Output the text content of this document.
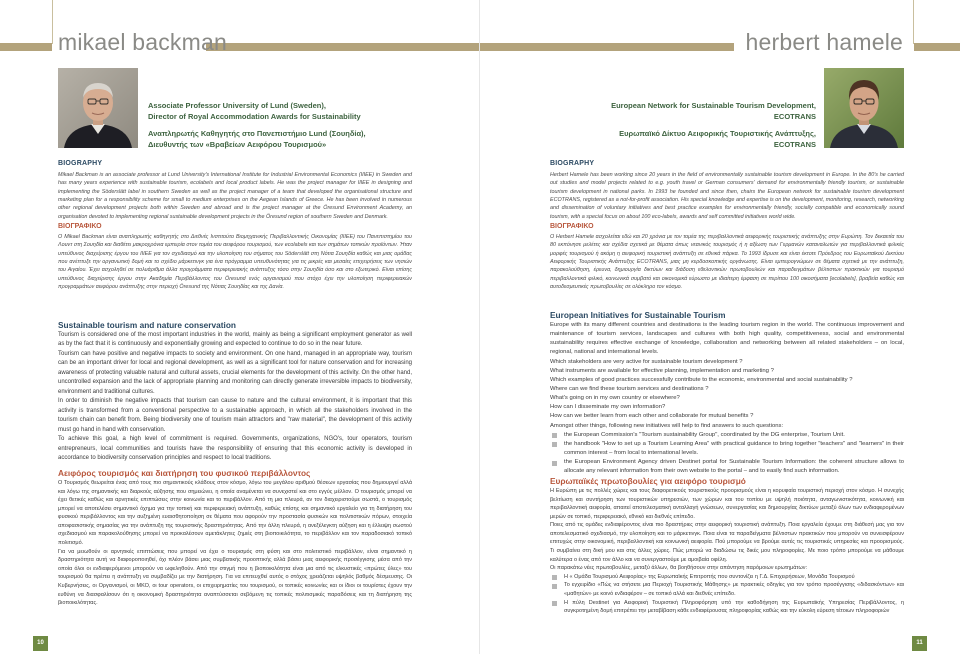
mikael backman
Associate Professor University of Lund (Sweden),
Director of Royal Accommodation Awards for Sustainability
Αναπληρωτής Καθηγητής στο Πανεπιστήμιο Lund (Σουηδία),
Διευθυντής των «Βραβείων Αειφόρου Τουρισμού»
BIOGRAPHY
Mikael Backman is an associate professor at Lund University's International Institute for Industrial Environmental Economics (IIIEE) in Sweden and has many years experience with sustainable tourism, ecolabels and local product labels. He was the project manager for IIIEE in designing and implementing the Söderslätt label in southern Sweden as well as the project manager of a team that developed the organisational structure and marketing plan for a responsibility scheme for small to medium enterprises on the Aegean Islands of Greece. He has been involved in numerous other regional development projects both within Sweden and abroad and is the project manager at the Öresund Environment Academy, an organisation devoted to implementing regional sustainable development projects in the Öresund region of southern Sweden and Denmark.
ΒΙΟΓΡΑΦΙΚΟ
Ο Mikael Backman είναι αναπληρωτής καθηγητής στο Διεθνές Ινστιτούτο Βιομηχανικής Περιβαλλοντικής Οικονομίας (IIIEE) του Πανεπιστημίου του Λουντ στη Σουηδία και διαθέτει μακροχρόνια εμπειρία στον τομέα του αειφόρου τουρισμού, των ecolabels και των σημάτων τοπικών προϊόντων. Ήταν υπεύθυνος διαχείρισης έργου του IIIEE για τον σχεδιασμό και την υλοποίηση του σήματος του Söderslätt στη Νότια Σουηδία καθώς και μιας ομάδας που ανέπτυξε την οργανωτική δομή και το σχέδιο μάρκετινγκ για ένα πρόγραμμα υπευθυνότητας για τις μικρές και μεσαίες επιχειρήσεις των νησιών του Αιγαίου. Έχει ασχοληθεί σε πολυάριθμα άλλα προγράμματα περιφερειακής ανάπτυξης τόσο στην Σουηδία όσο και στο εξωτερικό. Είναι επίσης υπεύθυνος διαχείρισης έργου στην Ακαδημία Περιβάλλοντος του Öresund ενός οργανισμού που στόχο έχει την υλοποίηση περιφερειακών προγραμμάτων αειφόρου ανάπτυξης στην περιοχή Öresund της Νότιας Σουηδίας και της Δανία.
Sustainable tourism and nature conservation

Tourism is considered one of the most important industries in the world, mainly as being a significant employment generator as well as by the fact that it is continuously and exponentially growing and expected to continue to do so in the near future.

Tourism can have positive and negative impacts to society and environment. On one hand, managed in an appropriate way, tourism can be an important driver for local and regional development, as well as a significant tool for nature conservation and for increasing awareness of protecting valuable natural and cultural assets, crucial elements for the development of this activity. On the other hand, uncontrolled expansion and the lack of appropriate planning and monitoring can directly generate irreversible impacts to biodiversity, environment and traditional cultures.

In order to diminish the negative impacts that tourism can cause to nature and the cultural environment, it is important that this activity is transformed from a conventional perspective to a sustainable approach, in which all the stakeholders involved in the tourism chain can benefit from. Being biodiversity one of tourism main attractors and "raw material", the development of this activity must go hand in hand with conservation.

To achieve this goal, a high level of commitment is required. Governments, organizations, NGO's, tour operators, tourism entrepreneurs, local communities and tourists have the responsibility of ensuring that this economic activity is developed in accordance to biodiversity conservation principles and respect to local traditions.

Αειφόρος τουρισμός και διατήρηση του φυσικού περιβάλλοντος

Ο Τουρισμός θεωρείται ένας από τους πιο σημαντικούς κλάδους στον κόσμο, λόγω του μεγάλου αριθμού θέσεων εργασίας που δημιουργεί αλλά και λόγω της σημαντικής και διαρκούς αύξησης που σημειώνει, η οποία αναμένεται να συνεχιστεί και στο εγγύς μέλλον. Ο τουρισμός μπορεί να έχει θετικές καθώς και αρνητικές επιπτώσεις στην κοινωνία και το περιβάλλον. Από τη μια πλευρά, αν τον διαχειριστούμε σωστά, ο τουρισμός μπορεί να αποτελέσει σημαντικό όχημα για την τοπική και περιφερειακή ανάπτυξη, καθώς επίσης και σημαντικό εργαλείο για τη διατήρηση του φυσικού περιβάλλοντος και την αυξημένη ευαισθητοποίηση σε θέματα που αφορούν την προστασία φυσικών και πολιτιστικών πόρων, στοιχεία αποφασιστικής σημασίας για την ανάπτυξη της τουριστικής δραστηριότητας. Από την άλλη πλευρά, η ανεξέλεγκτη αύξηση και η έλλειψη σωστού σχεδιασμού και παρακολούθησης μπορεί να προκαλέσουν αμετάκλητες ζημιές στη βιοποικιλότητα, το περιβάλλον και τον παραδοσιακό τοπικό πολιτισμό.

Για να μειωθούν οι αρνητικές επιπτώσεις που μπορεί να έχει ο τουρισμός στη φύση και στο πολιτιστικό περιβάλλον, είναι σημαντικό η δραστηριότητα αυτή να διαφοροποιηθεί, όχι πλέον βάσει μιας συμβατικής προοπτικής αλλά βάσει μιας αειφορικής προσέγγισης μέσα από την οποία όλοι οι ενδιαφερόμενοι μπορούν να ωφεληθούν. Από την στιγμή που η βιοποικιλότητα είναι μια από τις ελκυστικές «πρώτες ύλες» του τουρισμού θα πρέπει η ανάπτυξη να συμβαδίζει με την διατήρηση. Για να επιτευχθεί αυτός ο στόχος χρειάζεται υψηλός βαθμός δέσμευσης. Οι Κυβερνήσεις, οι Οργανισμοί, οι ΜΚΟ, οι tour operators, οι επιχειρηματίες του τουρισμού, οι τοπικές κοινωνίες και οι ίδιοι οι τουρίστες έχουν την ευθύνη να διασφαλίσουν ότι η οικονομική δραστηριότητα αναπτύσσεται σεβόμενη τις τοπικές πολιτισμικές παραδόσεις και τη διατήρηση της βιοποικιλότητας.

10
herbert hamele
European Network for Sustainable Tourism Development,
ECOTRANS
Ευρωπαϊκό Δίκτυο Αειφορικής Τουριστικής Ανάπτυξης,
ECOTRANS
BIOGRAPHY
Herbert Hamele has been working since 20 years in the field of environmentally sustainable tourism development in Europe. In the 80's he carried out studies and model projects related to e.g. youth travel or German consumers' demand for environmentally friendly tourism, or sustainable tourism development in national parks. In 1993 he founded and since then, chairs the European network for sustainable tourism development ECOTRANS, registered as a not-for-profit association. His special knowledge and expertise is on the development, monitoring, research, networking and dissemination of voluntary initiatives and best practice examples for environmentally friendly, socially compatible and economically sound tourism, with a special focus on about 100 eco-labels, awards and self committed initiatives world wide.
ΒΙΟΓΡΑΦΙΚΟ
Ο Herbert Hamele ασχολείται εδώ και 20 χρόνια με τον τομέα της περιβαλλοντικά αειφορικής τουριστικής ανάπτυξης στην Ευρώπη. Τον δεκαετία του 80 εκπόνησε μελέτες και σχέδια σχετικά με θέματα όπως νεανικός τουρισμός ή η αξίωση των Γερμανών καταναλωτών για περιβαλλοντικά φιλικές μορφές τουρισμού ή ακόμη η αειφορική τουριστική ανάπτυξη σε εθνικά πάρκα. Το 1993 ίδρυσε και είναι έκτοτε Πρόεδρος του Ευρωπαϊκού Δικτύου Αειφορικής Τουριστικής Ανάπτυξης ECOTRANS, μιας μη κερδοσκοπικής οργάνωσης. Είναι εμπειρογνώμων σε θέματα σχετικά με την ανάπτυξη, παρακολούθηση, έρευνα, δημιουργία δικτύων και διάδοση εθελοντικών πρωτοβουλιών και παραδειγμάτων βέλτιστων πρακτικών για τουρισμό περιβαλλοντικά φιλικό, κοινωνικά συμβατό και οικονομικά εύρωστο με ιδιαίτερη έμφαση σε περίπου 100 οικοσήματα [ecolabels], βραβεία καθώς και αυτοδεσμευτικές πρωτοβουλίες σε ολόκληρο τον κόσμο.
European Initiatives for Sustainable Tourism

Europe with its many different countries and destinations is the leading tourism region in the world. The continuous improvement and maintenance of tourism services, landscapes and cultures with both high quality, competitiveness, social and environmental sustainability requires effective exchange of knowledge, collaboration and networking between all related stakeholders – on local, regional, national and international levels.

Which stakeholders are very active for sustainable tourism development ?

What instruments are available for effective planning, implementation and marketing ?

Which examples of good practices successfully contribute to the economic, environmental and social sustainability ?

Where can we find these tourism services and destinations ?

What's going on in my own country or elsewhere?

How can I disseminate my own information?

How can we better learn from each other and collaborate for mutual benefits ?

Amongst other things, following new initiatives will help to find answers to such questions:

the European Commission's "Tourism sustainability Group", coordinated by the DG enterprise, Tourism Unit.
the handbook "How to set up a Tourism Learning Area" with practical guidance to bring together "teachers" and "learners" in their common interest – from local to international levels.
the European Environment Agency driven Destinet portal for Sustainable Tourism Information: the coherent structure allows to allocate any relevant information from their own website to the portal – and to easily find such information.
Ευρωπαϊκές πρωτοβουλίες για αειφόρο τουρισμό

Η Ευρώπη με τις πολλές χώρες και τους διαφορετικούς τουριστικούς προορισμούς είναι η κορυφαία τουριστική περιοχή στον κόσμο. Η συνεχής βελτίωση και συντήρηση των τουριστικών υπηρεσιών, των χώρων και του τοπίου με υψηλή ποιότητα, ανταγωνιστικότητα, κοινωνική και περιβαλλοντική αειφορία, απαιτεί αποτελεσματική ανταλλαγή γνώσεων, συνεργασίας και δημιουργίας δικτύων μεταξύ όλων των ενδιαφερομένων μερών σε τοπικό, περιφερειακό, εθνικό και διεθνές επίπεδο.

Ποιες από τις ομάδες ενδιαφέροντος είναι πιο δραστήριες στην αειφορική τουριστική ανάπτυξη. Ποια εργαλεία έχουμε στη διάθεσή μας για τον αποτελεσματικό σχεδιασμό, την υλοποίηση και το μάρκετινγκ. Ποια είναι τα παραδείγματα βέλτιστων πρακτικών που μπορούν να συνεισφέρουν επιτυχώς στην οικονομική, περιβαλλοντική και κοινωνική αειφορία. Πού μπορούμε να βρούμε αυτές τις τουριστικές υπηρεσίες και προορισμούς. Τι συμβαίνει στη δική μου και στις άλλες χώρες. Πώς μπορώ να διαδώσω τις δικές μου πληροφορίες. Με ποιο τρόπο μπορούμε να μάθουμε καλύτερα ο ένας από τον άλλο και να συνεργαστούμε με αμοιβαία οφέλη.

Οι παρακάτω νέες πρωτοβουλίες, μεταξύ άλλων, θα βοηθήσουν στην απάντηση παρόμοιων ερωτημάτων:

Η « Ομάδα Τουρισμού Αειφορίας» της Ευρωπαϊκής Επιτροπής που συντονίζει η Γ.Δ. Επιχειρήσεων, Μονάδα Τουρισμού
Το εγχειρίδιο «Πώς να στήσετε μια Περιοχή Τουριστικής Μάθησης» με πρακτικές οδηγίες για τον τρόπο προσέγγισης «διδασκόντων» και «μαθητών» με κοινό ενδιαφέρον – σε τοπικό αλλά και διεθνές επίπεδο.
Η πύλη Destinet για Αειφορική Τουριστική Πληροφόρηση υπό την καθοδήγηση της Ευρωπαϊκής Υπηρεσίας Περιβάλλοντος, η συγκροτημένη δομή επιτρέπει την μεταβίβαση κάθε ενδιαφέρουσας πληροφορίας καθώς και την εύκολη εύρεση τέτοιων πληροφοριών
11
